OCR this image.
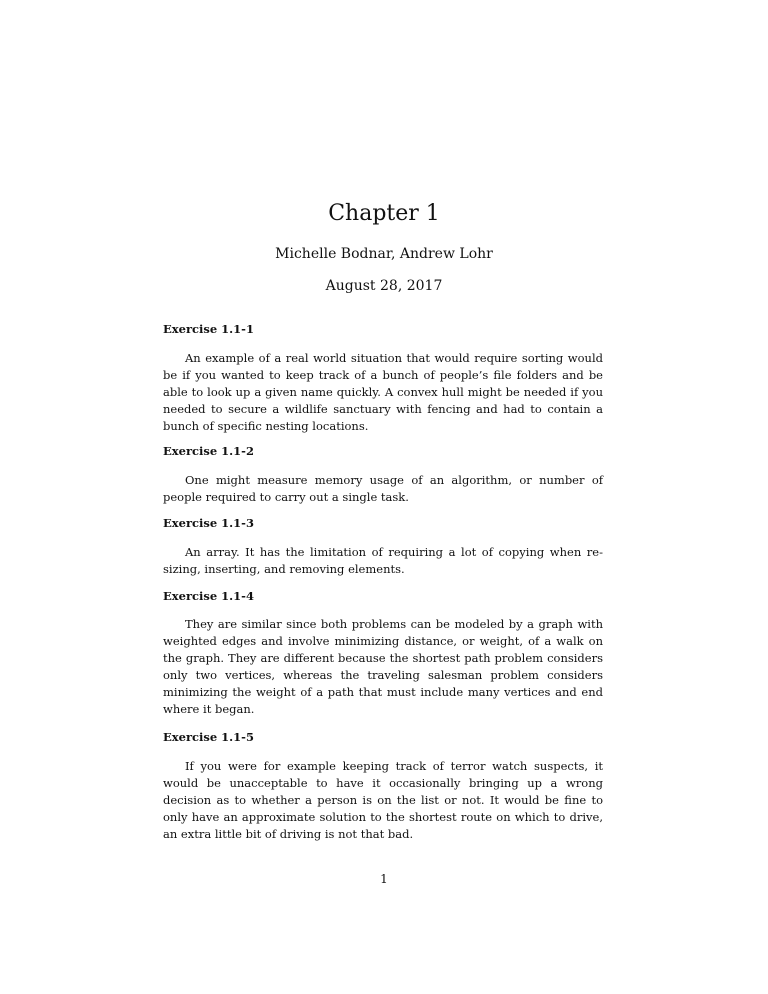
Chapter 1

Michelle Bodnar, Andrew Lohr

August 28, 2017

Exercise 1.1-1

An example of a real world situation that would require sorting would be if you wanted to keep track of a bunch of people’s file folders and be able to look up a given name quickly. A convex hull might be needed if you needed to secure a wildlife sanctuary with fencing and had to contain a bunch of specific nesting locations.

Exercise 1.1-2

One might measure memory usage of an algorithm, or number of people required to carry out a single task.

Exercise 1.1-3

An array. It has the limitation of requiring a lot of copying when re-sizing, inserting, and removing elements.

Exercise 1.1-4

They are similar since both problems can be modeled by a graph with weighted edges and involve minimizing distance, or weight, of a walk on the graph. They are different because the shortest path problem considers only two vertices, whereas the traveling salesman problem considers minimizing the weight of a path that must include many vertices and end where it began.

Exercise 1.1-5

If you were for example keeping track of terror watch suspects, it would be unacceptable to have it occasionally bringing up a wrong decision as to whether a person is on the list or not. It would be fine to only have an approximate solution to the shortest route on which to drive, an extra little bit of driving is not that bad.

1
